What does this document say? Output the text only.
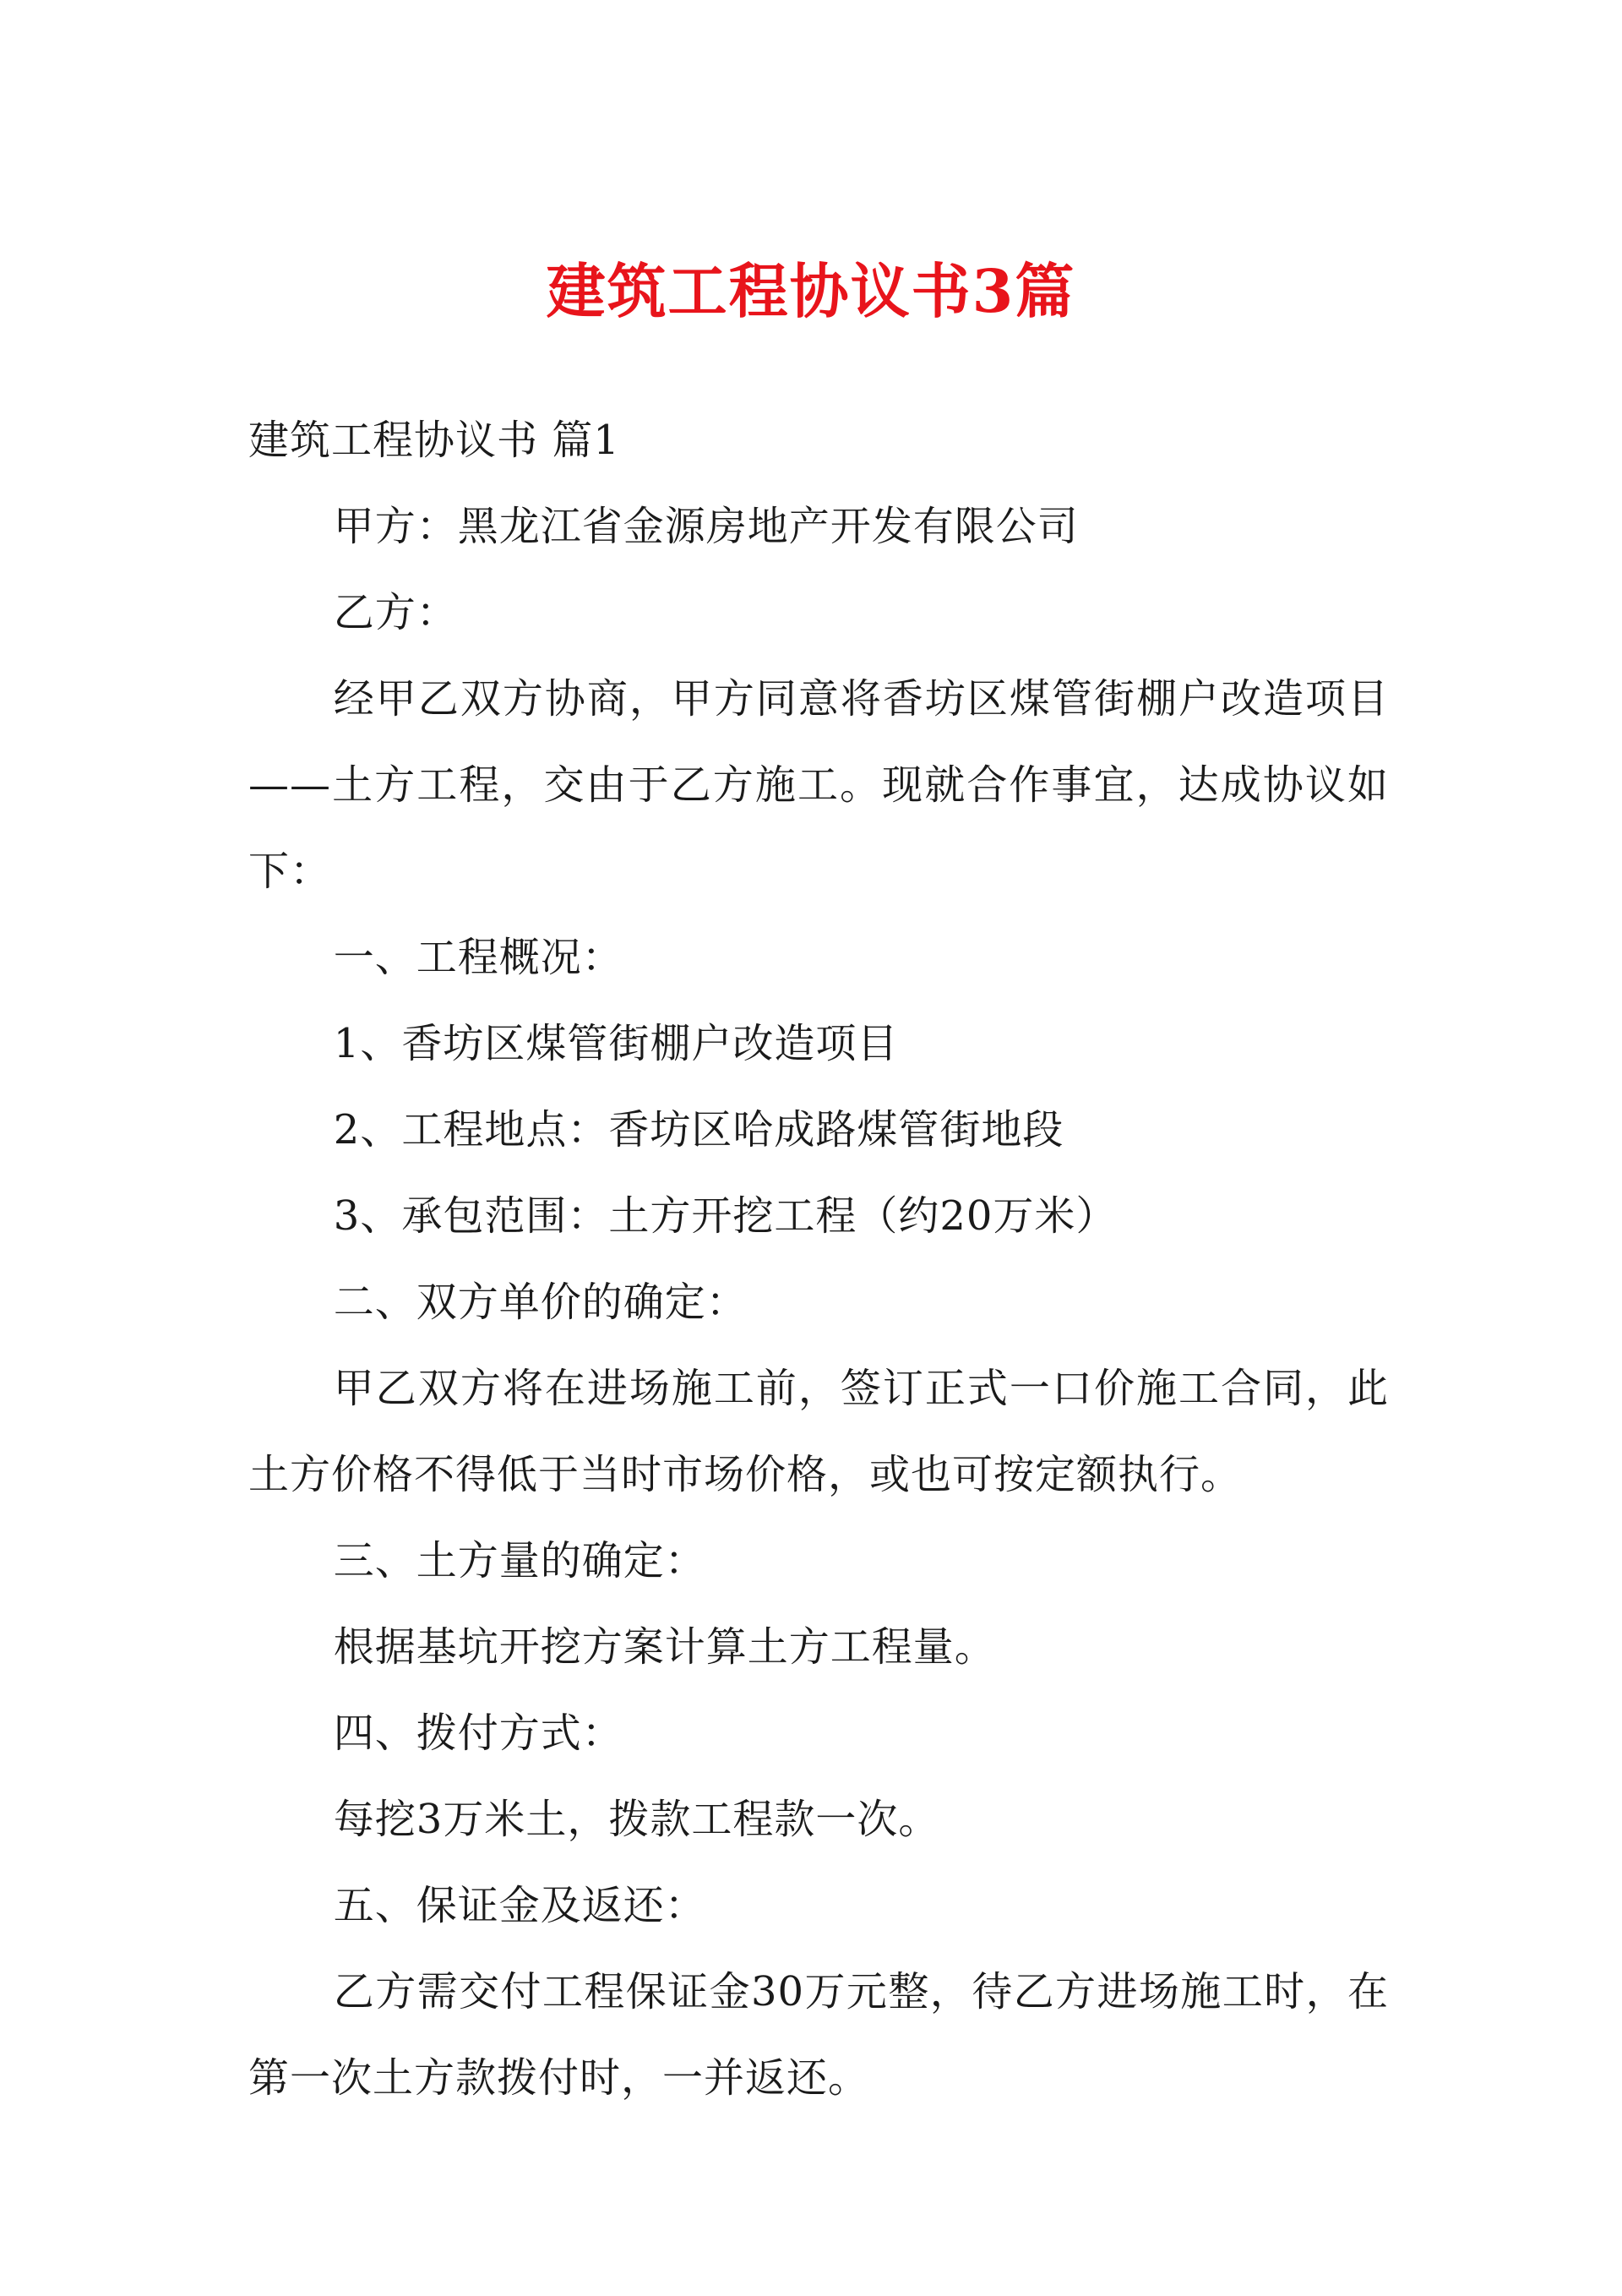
建筑工程协议书3篇

建筑工程协议书 篇1

甲方：黑龙江省金源房地产开发有限公司

乙方：

经甲乙双方协商，甲方同意将香坊区煤管街棚户改造项目——土方工程，交由于乙方施工。现就合作事宜，达成协议如下：

一、工程概况：

1、香坊区煤管街棚户改造项目

2、工程地点：香坊区哈成路煤管街地段

3、承包范围：土方开挖工程（约20万米）

二、双方单价的确定：

甲乙双方将在进场施工前，签订正式一口价施工合同，此土方价格不得低于当时市场价格，或也可按定额执行。

三、土方量的确定：

根据基坑开挖方案计算土方工程量。

四、拨付方式：

每挖3万米土，拨款工程款一次。

五、保证金及返还：

乙方需交付工程保证金30万元整，待乙方进场施工时，在第一次土方款拨付时，一并返还。
